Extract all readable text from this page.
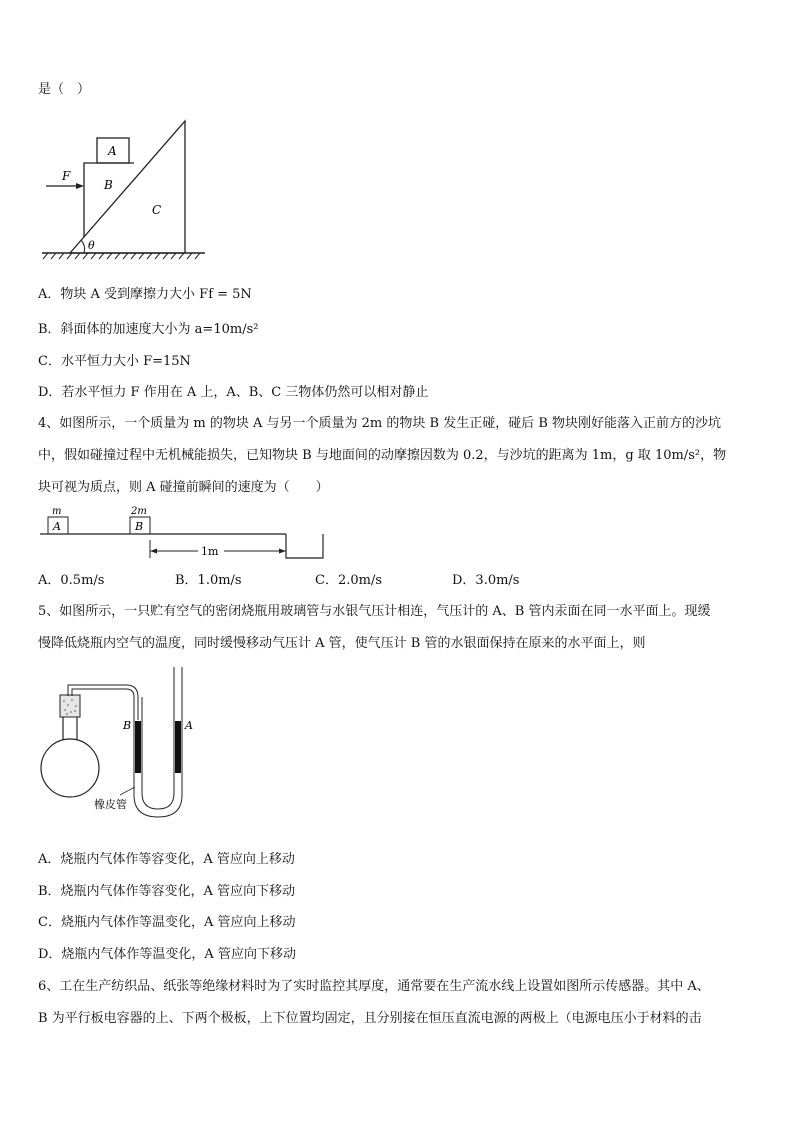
是（　）
F
A
B
C
θ
A．物块 A 受到摩擦力大小 Ff = 5N
B．斜面体的加速度大小为 a=10m/s²
C．水平恒力大小 F=15N
D．若水平恒力 F 作用在 A 上，A、B、C 三物体仍然可以相对静止
4、如图所示，一个质量为 m 的物块 A 与另一个质量为 2m 的物块 B 发生正碰，碰后 B 物块刚好能落入正前方的沙坑
中，假如碰撞过程中无机械能损失，已知物块 B 与地面间的动摩擦因数为 0.2，与沙坑的距离为 1m，g 取 10m/s²，物
块可视为质点，则 A 碰撞前瞬间的速度为（　　）
m
A
2m
B
1m
A．0.5m/s	B．1.0m/s	C．2.0m/s	D．3.0m/s
5、如图所示，一只贮有空气的密闭烧瓶用玻璃管与水银气压计相连，气压计的 A、B 管内汞面在同一水平面上。现缓
慢降低烧瓶内空气的温度，同时缓慢移动气压计 A 管，使气压计 B 管的水银面保持在原来的水平面上，则
B	A
橡皮管
A．烧瓶内气体作等容变化，A 管应向上移动
B．烧瓶内气体作等容变化，A 管应向下移动
C．烧瓶内气体作等温变化，A 管应向上移动
D．烧瓶内气体作等温变化，A 管应向下移动
6、工在生产纺织品、纸张等绝缘材料时为了实时监控其厚度，通常要在生产流水线上设置如图所示传感器。其中 A、
B 为平行板电容器的上、下两个极板，上下位置均固定，且分别接在恒压直流电源的两极上（电源电压小于材料的击
